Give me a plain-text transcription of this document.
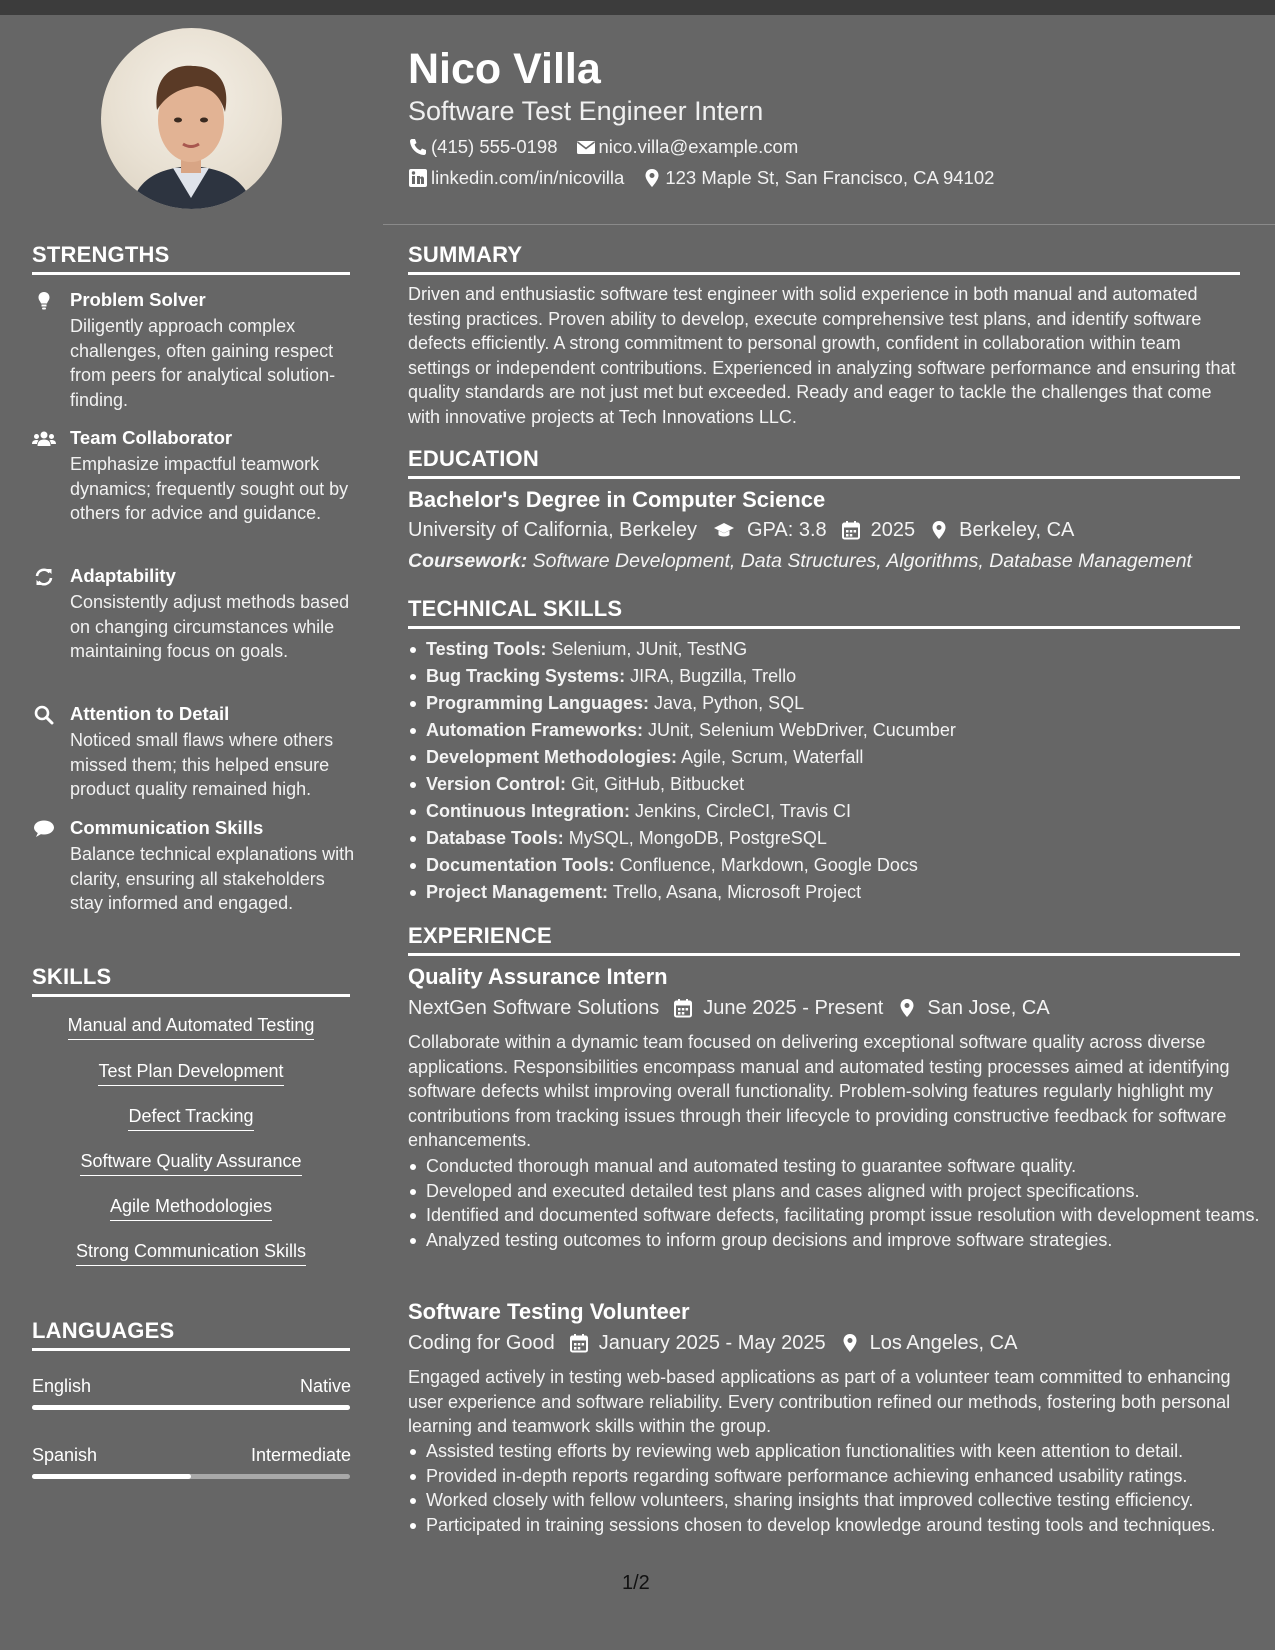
Nico Villa
Software Test Engineer Intern
(415) 555-0198 nico.villa@example.com
linkedin.com/in/nicovilla 123 Maple St, San Francisco, CA 94102
STRENGTHS
Problem Solver
Diligently approach complex challenges, often gaining respect from peers for analytical solution-finding.
Team Collaborator
Emphasize impactful teamwork dynamics; frequently sought out by others for advice and guidance.
Adaptability
Consistently adjust methods based on changing circumstances while maintaining focus on goals.
Attention to Detail
Noticed small flaws where others missed them; this helped ensure product quality remained high.
Communication Skills
Balance technical explanations with clarity, ensuring all stakeholders stay informed and engaged.
SKILLS
Manual and Automated Testing
Test Plan Development
Defect Tracking
Software Quality Assurance
Agile Methodologies
Strong Communication Skills
LANGUAGES
English	Native
Spanish	Intermediate
SUMMARY
Driven and enthusiastic software test engineer with solid experience in both manual and automated testing practices. Proven ability to develop, execute comprehensive test plans, and identify software defects efficiently. A strong commitment to personal growth, confident in collaboration within team settings or independent contributions. Experienced in analyzing software performance and ensuring that quality standards are not just met but exceeded. Ready and eager to tackle the challenges that come with innovative projects at Tech Innovations LLC.
EDUCATION
Bachelor's Degree in Computer Science
University of California, Berkeley	GPA: 3.8 2025 Berkeley, CA
Coursework: Software Development, Data Structures, Algorithms, Database Management
TECHNICAL SKILLS
Testing Tools: Selenium, JUnit, TestNG
Bug Tracking Systems: JIRA, Bugzilla, Trello
Programming Languages: Java, Python, SQL
Automation Frameworks: JUnit, Selenium WebDriver, Cucumber
Development Methodologies: Agile, Scrum, Waterfall
Version Control: Git, GitHub, Bitbucket
Continuous Integration: Jenkins, CircleCI, Travis CI
Database Tools: MySQL, MongoDB, PostgreSQL
Documentation Tools: Confluence, Markdown, Google Docs
Project Management: Trello, Asana, Microsoft Project
EXPERIENCE
Quality Assurance Intern
NextGen Software Solutions June 2025 - Present San Jose, CA
Collaborate within a dynamic team focused on delivering exceptional software quality across diverse applications. Responsibilities encompass manual and automated testing processes aimed at identifying software defects whilst improving overall functionality. Problem-solving features regularly highlight my contributions from tracking issues through their lifecycle to providing constructive feedback for software enhancements.
Conducted thorough manual and automated testing to guarantee software quality.
Developed and executed detailed test plans and cases aligned with project specifications.
Identified and documented software defects, facilitating prompt issue resolution with development teams.
Analyzed testing outcomes to inform group decisions and improve software strategies.
Software Testing Volunteer
Coding for Good January 2025 - May 2025 Los Angeles, CA
Engaged actively in testing web-based applications as part of a volunteer team committed to enhancing user experience and software reliability. Every contribution refined our methods, fostering both personal learning and teamwork skills within the group.
Assisted testing efforts by reviewing web application functionalities with keen attention to detail.
Provided in-depth reports regarding software performance achieving enhanced usability ratings.
Worked closely with fellow volunteers, sharing insights that improved collective testing efficiency.
Participated in training sessions chosen to develop knowledge around testing tools and techniques.
1/2
